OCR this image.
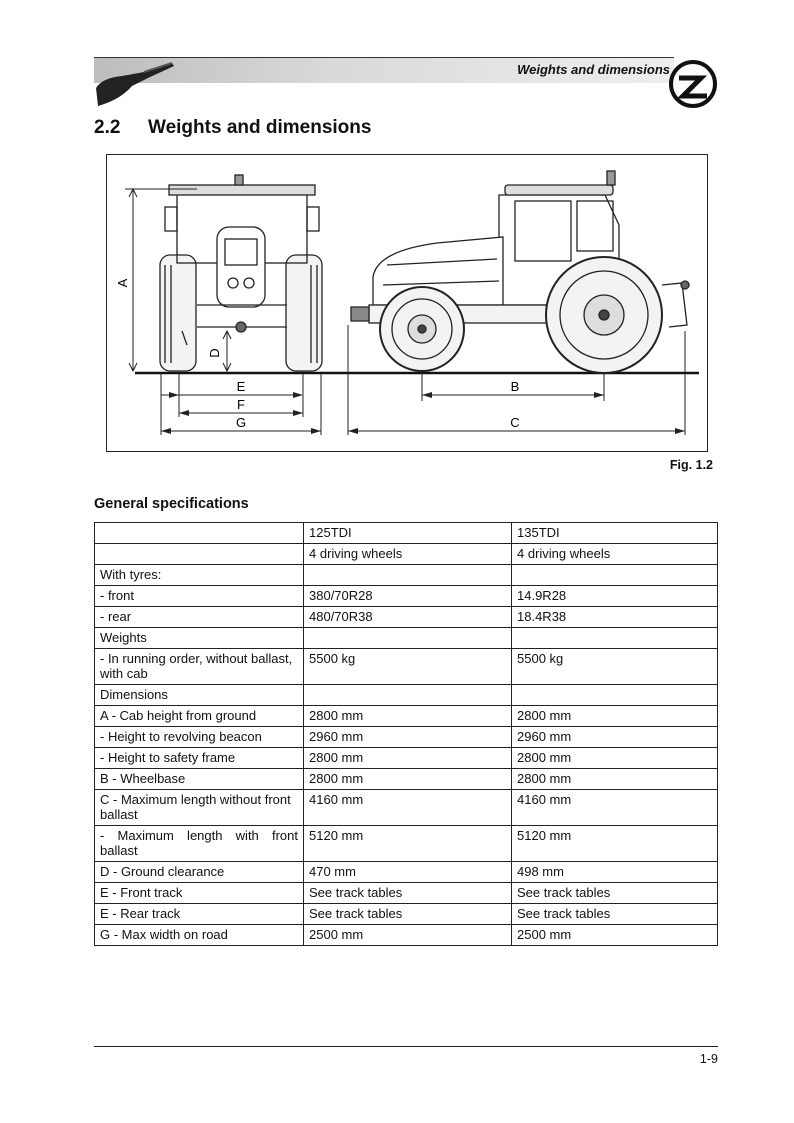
Weights and dimensions
2.2 Weights and dimensions
A
D
E
F
G
B
C
Fig. 1.2
General specifications
	125TDI	135TDI
	4 driving wheels	4 driving wheels
With tyres:		
- front	380/70R28	14.9R28
- rear	480/70R38	18.4R38
Weights		
- In running order, without ballast, with cab	5500 kg	5500 kg
Dimensions		
A - Cab height from ground	2800 mm	2800 mm
- Height to revolving beacon	2960 mm	2960 mm
- Height to safety frame	2800 mm	2800 mm
B - Wheelbase	2800 mm	2800 mm
C - Maximum length without front ballast	4160 mm	4160 mm
- Maximum length with front ballast	5120 mm	5120 mm
D - Ground clearance	470 mm	498 mm
E - Front track	See track tables	See track tables
E - Rear track	See track tables	See track tables
G - Max width on road	2500 mm	2500 mm
1-9
